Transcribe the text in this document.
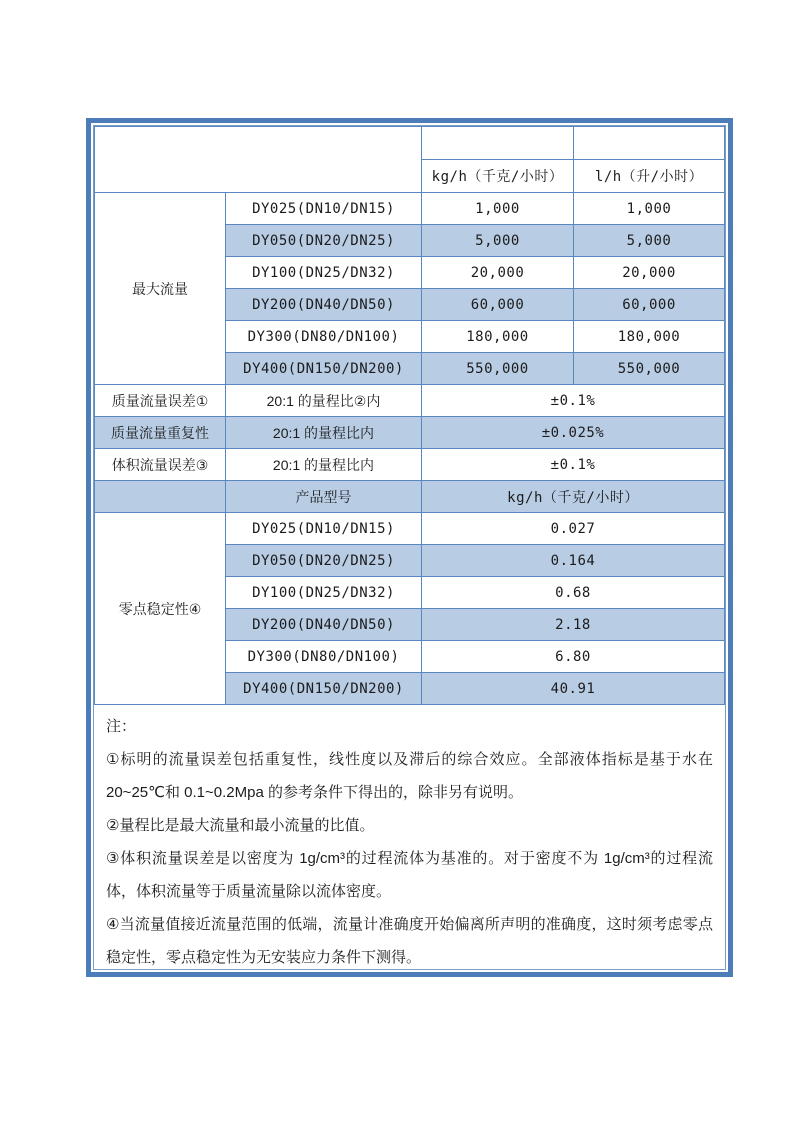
产品型号		质量	体积
		kg/h（千克/小时）	l/h（升/小时）
最大流量	DY025(DN10/DN15)	1,000	1,000
	DY050(DN20/DN25)	5,000	5,000
	DY100(DN25/DN32)	20,000	20,000
	DY200(DN40/DN50)	60,000	60,000
	DY300(DN80/DN100)	180,000	180,000
	DY400(DN150/DN200)	550,000	550,000
质量流量误差①	20:1 的量程比②内	±0.1%	
质量流量重复性	20:1 的量程比内	±0.025%	
体积流量误差③	20:1 的量程比内	±0.1%	
	产品型号	kg/h（千克/小时）	
零点稳定性④	DY025(DN10/DN15)	0.027	
	DY050(DN20/DN25)	0.164	
	DY100(DN25/DN32)	0.68	
	DY200(DN40/DN50)	2.18	
	DY300(DN80/DN100)	6.80	
	DY400(DN150/DN200)	40.91	

注：

①标明的流量误差包括重复性，线性度以及滞后的综合效应。全部液体指标是基于水在 20~25℃和 0.1~0.2Mpa 的参考条件下得出的，除非另有说明。

②量程比是最大流量和最小流量的比值。

③体积流量误差是以密度为 1g/cm³的过程流体为基准的。对于密度不为 1g/cm³的过程流体，体积流量等于质量流量除以流体密度。

④当流量值接近流量范围的低端，流量计准确度开始偏离所声明的准确度，这时须考虑零点稳定性，零点稳定性为无安装应力条件下测得。
